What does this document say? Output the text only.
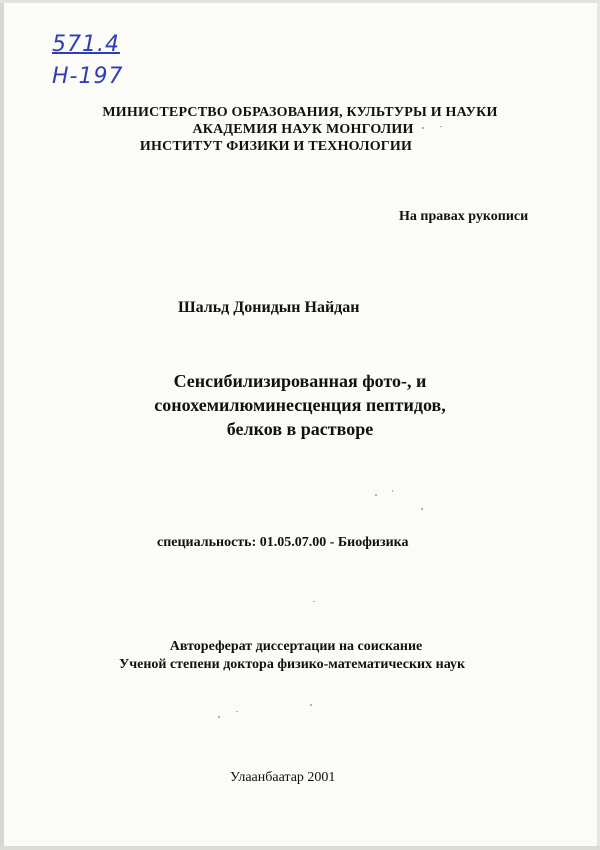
571.4
Н-197
МИНИСТЕРСТВО ОБРАЗОВАНИЯ, КУЛЬТУРЫ И НАУКИ
АКАДЕМИЯ НАУК МОНГОЛИИ
ИНСТИТУТ ФИЗИКИ И ТЕХНОЛОГИИ
На правах рукописи
Шальд Донидын Найдан
Сенсибилизированная фото-, и
сонохемилюминесценция пептидов,
белков в растворе
специальность: 01.05.07.00 - Биофизика
Автореферат диссертации на соискание
Ученой степени доктора физико-математических наук
Улаанбаатар 2001
